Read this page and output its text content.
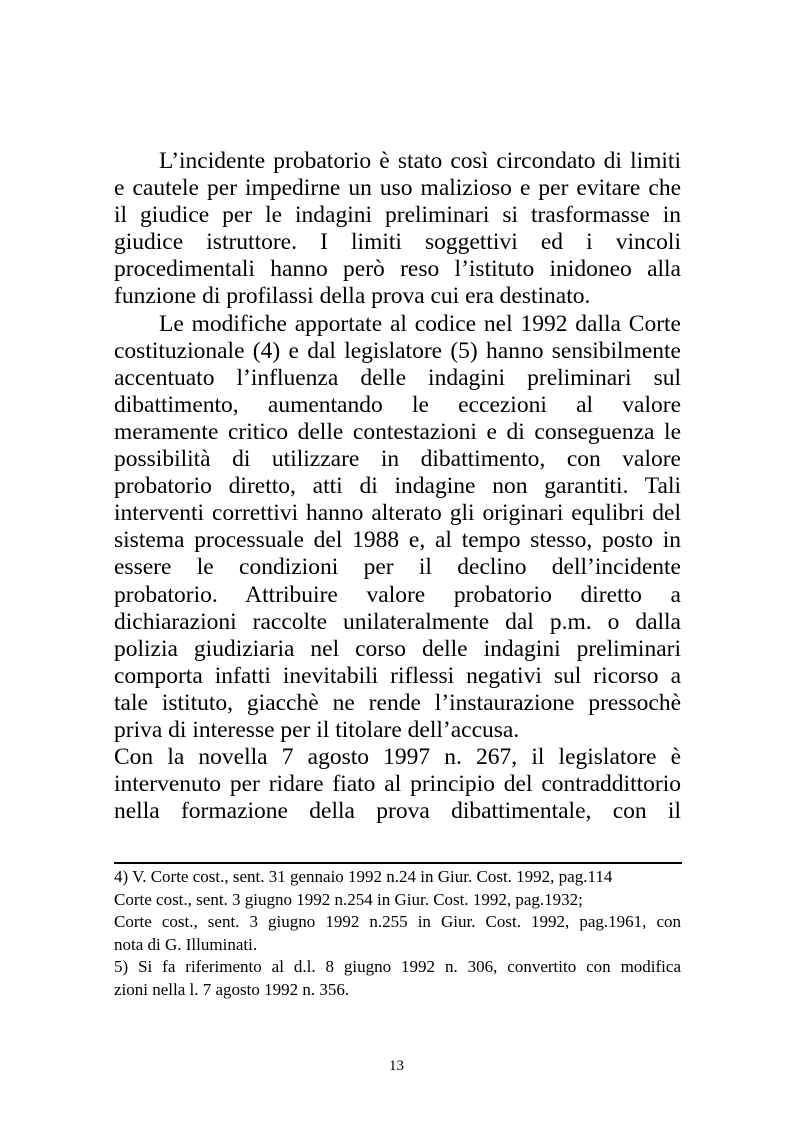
L’incidente probatorio è stato così circondato di limiti
e cautele per impedirne un uso malizioso e per evitare che
il giudice per le indagini preliminari si trasformasse in
giudice istruttore. I limiti soggettivi ed i vincoli
procedimentali hanno però reso l’istituto inidoneo alla
funzione di profilassi della prova cui era destinato.
Le modifiche apportate al codice nel 1992 dalla Corte
costituzionale (4) e dal legislatore (5) hanno sensibilmente
accentuato l’influenza delle indagini preliminari sul
dibattimento, aumentando le eccezioni al valore
meramente critico delle contestazioni e di conseguenza le
possibilità di utilizzare in dibattimento, con valore
probatorio diretto, atti di indagine non garantiti. Tali
interventi correttivi hanno alterato gli originari equlibri del
sistema processuale del 1988 e, al tempo stesso, posto in
essere le condizioni per il declino dell’incidente
probatorio. Attribuire valore probatorio diretto a
dichiarazioni raccolte unilateralmente dal p.m. o dalla
polizia giudiziaria nel corso delle indagini preliminari
comporta infatti inevitabili riflessi negativi sul ricorso a
tale istituto, giacchè ne rende l’instaurazione pressochè
priva di interesse per il titolare dell’accusa.
Con la novella 7 agosto 1997 n. 267, il legislatore è
intervenuto per ridare fiato al principio del contraddittorio
nella formazione della prova dibattimentale, con il
4) V. Corte cost., sent. 31 gennaio 1992 n.24 in Giur. Cost. 1992, pag.114
Corte cost., sent. 3 giugno 1992 n.254 in Giur. Cost. 1992, pag.1932;
Corte cost., sent. 3 giugno 1992 n.255 in Giur. Cost. 1992, pag.1961, con
nota di G. Illuminati.
5) Si fa riferimento al d.l. 8 giugno 1992 n. 306, convertito con modifica
zioni nella l. 7 agosto 1992 n. 356.
13
